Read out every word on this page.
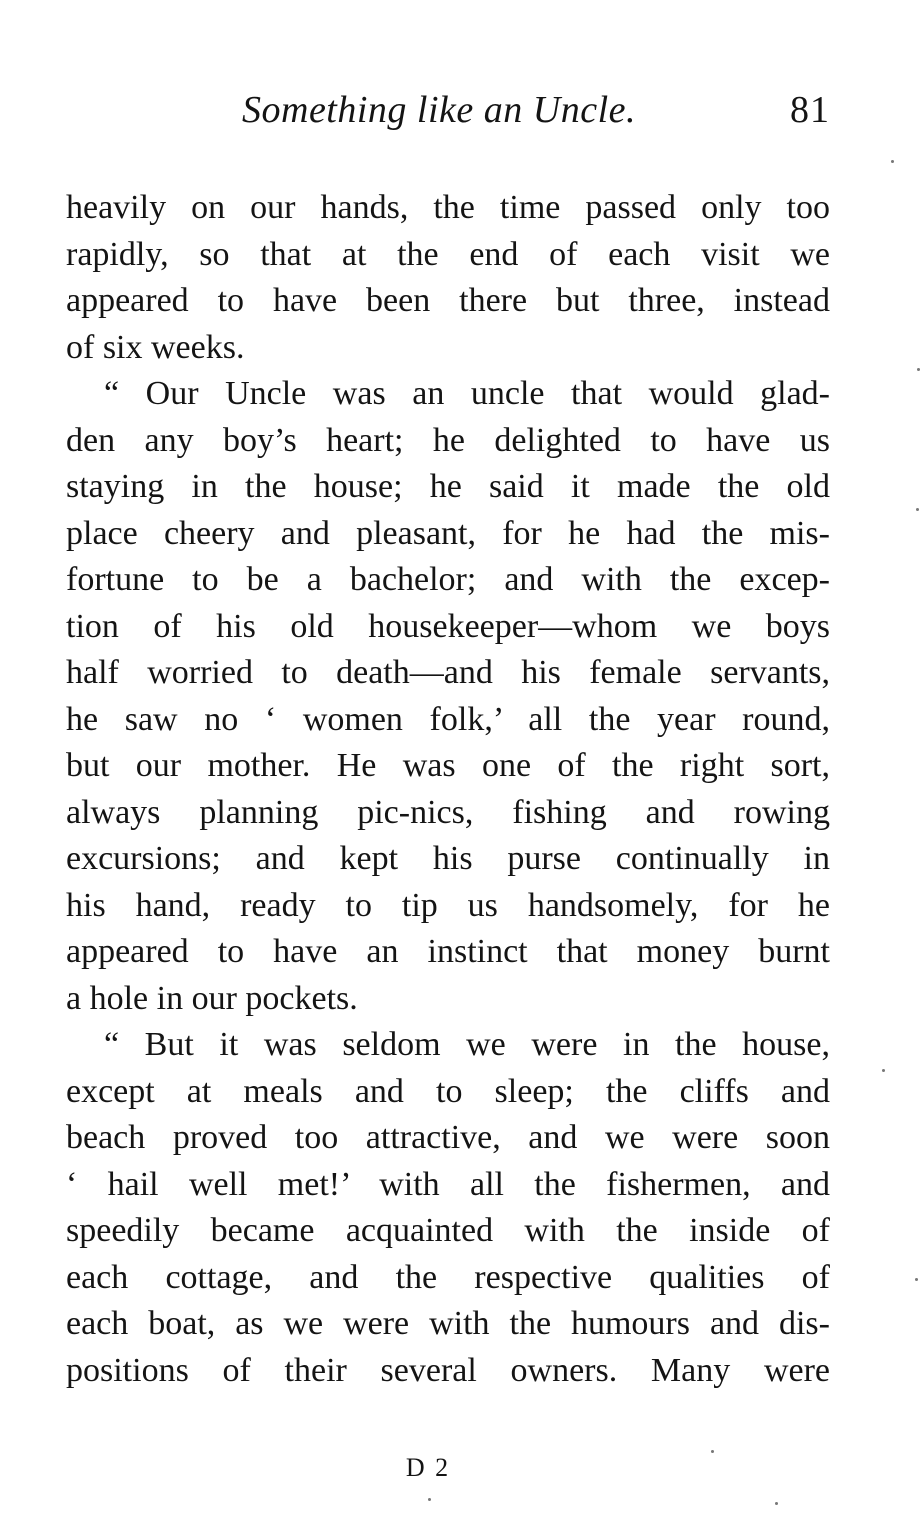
Something like an Uncle.	81
heavily on our hands, the time passed only too
rapidly, so that at the end of each visit we
appeared to have been there but three, instead
of six weeks.
“ Our Uncle was an uncle that would glad-
den any boy’s heart; he delighted to have us
staying in the house; he said it made the old
place cheery and pleasant, for he had the mis-
fortune to be a bachelor; and with the excep-
tion of his old housekeeper—whom we boys
half worried to death—and his female servants,
he saw no ‘ women folk,’ all the year round,
but our mother. He was one of the right sort,
always planning pic-nics, fishing and rowing
excursions; and kept his purse continually in
his hand, ready to tip us handsomely, for he
appeared to have an instinct that money burnt
a hole in our pockets.
“ But it was seldom we were in the house,
except at meals and to sleep; the cliffs and
beach proved too attractive, and we were soon
‘ hail well met!’ with all the fishermen, and
speedily became acquainted with the inside of
each cottage, and the respective qualities of
each boat, as we were with the humours and dis-
positions of their several owners. Many were
D 2
